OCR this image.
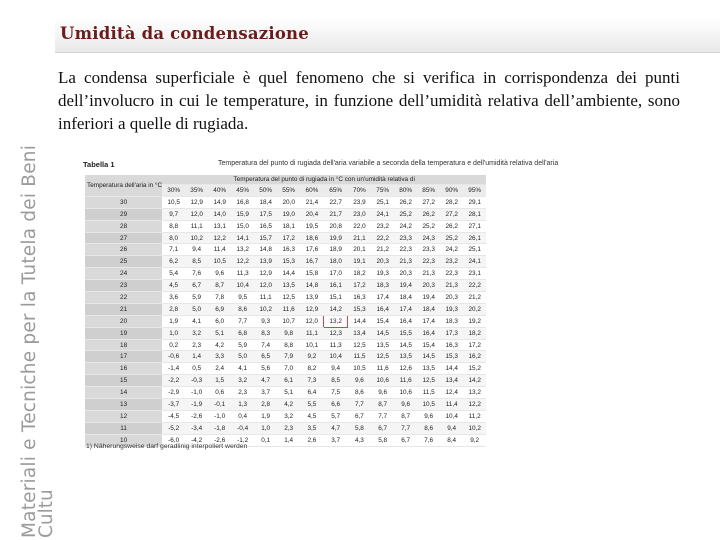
Materiali e Tecniche per la Tutela dei Beni
Cultu
Umidità da condensazione

La condensa superficiale è quel fenomeno che si verifica in corrispondenza dei punti dell’involucro in cui le temperature, in funzione dell’umidità relativa dell’ambiente, sono inferiori a quelle di rugiada.

Tabella 1	Temperatura del punto di rugiada dell'aria variabile a seconda della temperatura e dell'umidità relativa dell'aria
Temperatura dell'aria in °C	Temperatura del punto di rugiada in °C con un'umidità relativa di													
	30%	35%	40%	45%	50%	55%	60%	65%	70%	75%	80%	85%	90%	95%
30	10,5	12,9	14,9	16,8	18,4	20,0	21,4	22,7	23,9	25,1	26,2	27,2	28,2	29,1
29	9,7	12,0	14,0	15,9	17,5	19,0	20,4	21,7	23,0	24,1	25,2	26,2	27,2	28,1
28	8,8	11,1	13,1	15,0	16,5	18,1	19,5	20,8	22,0	23,2	24,2	25,2	26,2	27,1
27	8,0	10,2	12,2	14,1	15,7	17,2	18,6	19,9	21,1	22,2	23,3	24,3	25,2	26,1
26	7,1	9,4	11,4	13,2	14,8	16,3	17,6	18,9	20,1	21,2	22,3	23,3	24,2	25,1
25	6,2	8,5	10,5	12,2	13,9	15,3	16,7	18,0	19,1	20,3	21,3	22,3	23,2	24,1
24	5,4	7,6	9,6	11,3	12,9	14,4	15,8	17,0	18,2	19,3	20,3	21,3	22,3	23,1
23	4,5	6,7	8,7	10,4	12,0	13,5	14,8	16,1	17,2	18,3	19,4	20,3	21,3	22,2
22	3,6	5,9	7,8	9,5	11,1	12,5	13,9	15,1	16,3	17,4	18,4	19,4	20,3	21,2
21	2,8	5,0	6,9	8,6	10,2	11,6	12,9	14,2	15,3	16,4	17,4	18,4	19,3	20,2
20	1,9	4,1	6,0	7,7	9,3	10,7	12,0	13,2	14,4	15,4	16,4	17,4	18,3	19,2
19	1,0	3,2	5,1	6,8	8,3	9,8	11,1	12,3	13,4	14,5	15,5	16,4	17,3	18,2
18	0,2	2,3	4,2	5,9	7,4	8,8	10,1	11,3	12,5	13,5	14,5	15,4	16,3	17,2
17	-0,6	1,4	3,3	5,0	6,5	7,9	9,2	10,4	11,5	12,5	13,5	14,5	15,3	16,2
16	-1,4	0,5	2,4	4,1	5,6	7,0	8,2	9,4	10,5	11,6	12,6	13,5	14,4	15,2
15	-2,2	-0,3	1,5	3,2	4,7	6,1	7,3	8,5	9,6	10,6	11,6	12,5	13,4	14,2
14	-2,9	-1,0	0,6	2,3	3,7	5,1	6,4	7,5	8,6	9,6	10,6	11,5	12,4	13,2
13	-3,7	-1,9	-0,1	1,3	2,8	4,2	5,5	6,6	7,7	8,7	9,6	10,5	11,4	12,2
12	-4,5	-2,6	-1,0	0,4	1,9	3,2	4,5	5,7	6,7	7,7	8,7	9,6	10,4	11,2
11	-5,2	-3,4	-1,8	-0,4	1,0	2,3	3,5	4,7	5,8	6,7	7,7	8,6	9,4	10,2
10	-6,0	-4,2	-2,6	-1,2	0,1	1,4	2,6	3,7	4,3	5,8	6,7	7,6	8,4	9,2
1) Näherungsweise darf geradlinig interpoliert werden
